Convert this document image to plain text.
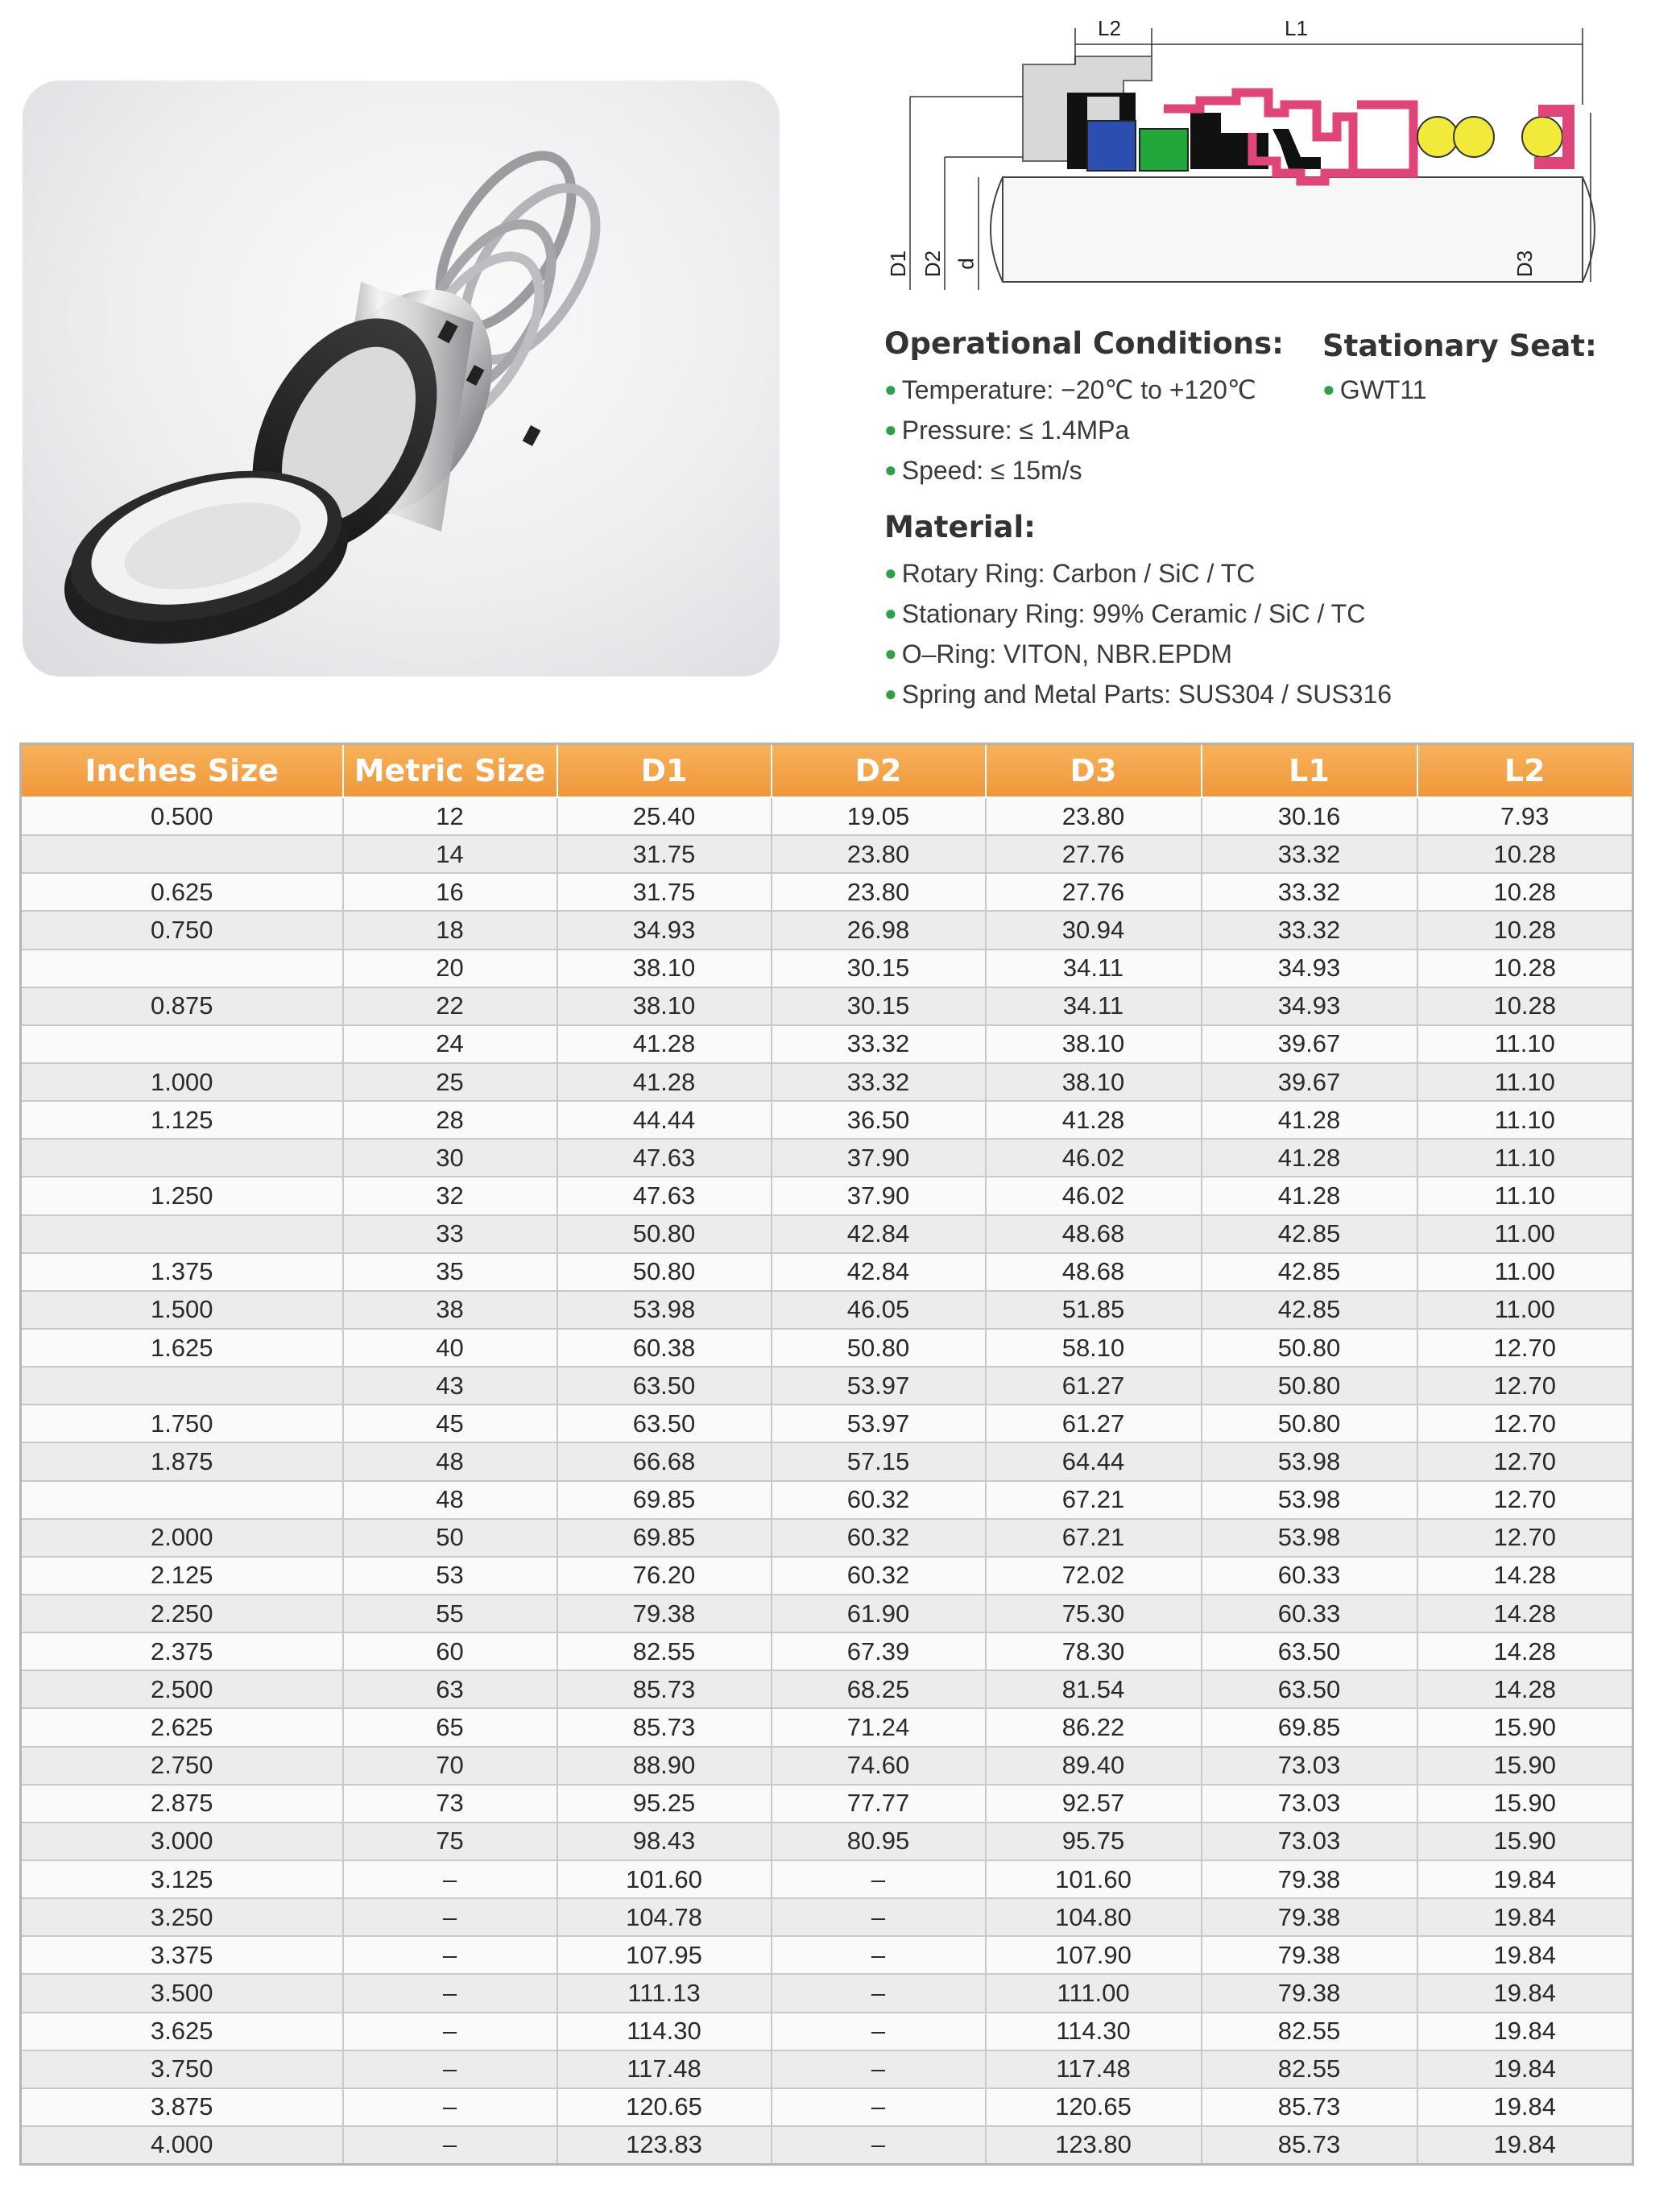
L2	L1
D1 D2 d	D3
Operational Conditions:
● Temperature: −20℃ to +120℃
● Pressure: ≤ 1.4MPa
● Speed: ≤ 15m/s
Stationary Seat:
● GWT11
Material:
● Rotary Ring: Carbon / SiC / TC
● Stationary Ring: 99% Ceramic / SiC / TC
● O–Ring: VITON, NBR.EPDM
● Spring and Metal Parts: SUS304 / SUS316
Inches Size	Metric Size	D1	D2	D3	L1	L2
0.500	12	25.40	19.05	23.80	30.16	7.93
	14	31.75	23.80	27.76	33.32	10.28
0.625	16	31.75	23.80	27.76	33.32	10.28
0.750	18	34.93	26.98	30.94	33.32	10.28
	20	38.10	30.15	34.11	34.93	10.28
0.875	22	38.10	30.15	34.11	34.93	10.28
	24	41.28	33.32	38.10	39.67	11.10
1.000	25	41.28	33.32	38.10	39.67	11.10
1.125	28	44.44	36.50	41.28	41.28	11.10
	30	47.63	37.90	46.02	41.28	11.10
1.250	32	47.63	37.90	46.02	41.28	11.10
	33	50.80	42.84	48.68	42.85	11.00
1.375	35	50.80	42.84	48.68	42.85	11.00
1.500	38	53.98	46.05	51.85	42.85	11.00
1.625	40	60.38	50.80	58.10	50.80	12.70
	43	63.50	53.97	61.27	50.80	12.70
1.750	45	63.50	53.97	61.27	50.80	12.70
1.875	48	66.68	57.15	64.44	53.98	12.70
	48	69.85	60.32	67.21	53.98	12.70
2.000	50	69.85	60.32	67.21	53.98	12.70
2.125	53	76.20	60.32	72.02	60.33	14.28
2.250	55	79.38	61.90	75.30	60.33	14.28
2.375	60	82.55	67.39	78.30	63.50	14.28
2.500	63	85.73	68.25	81.54	63.50	14.28
2.625	65	85.73	71.24	86.22	69.85	15.90
2.750	70	88.90	74.60	89.40	73.03	15.90
2.875	73	95.25	77.77	92.57	73.03	15.90
3.000	75	98.43	80.95	95.75	73.03	15.90
3.125	–	101.60	–	101.60	79.38	19.84
3.250	–	104.78	–	104.80	79.38	19.84
3.375	–	107.95	–	107.90	79.38	19.84
3.500	–	111.13	–	111.00	79.38	19.84
3.625	–	114.30	–	114.30	82.55	19.84
3.750	–	117.48	–	117.48	82.55	19.84
3.875	–	120.65	–	120.65	85.73	19.84
4.000	–	123.83	–	123.80	85.73	19.84
